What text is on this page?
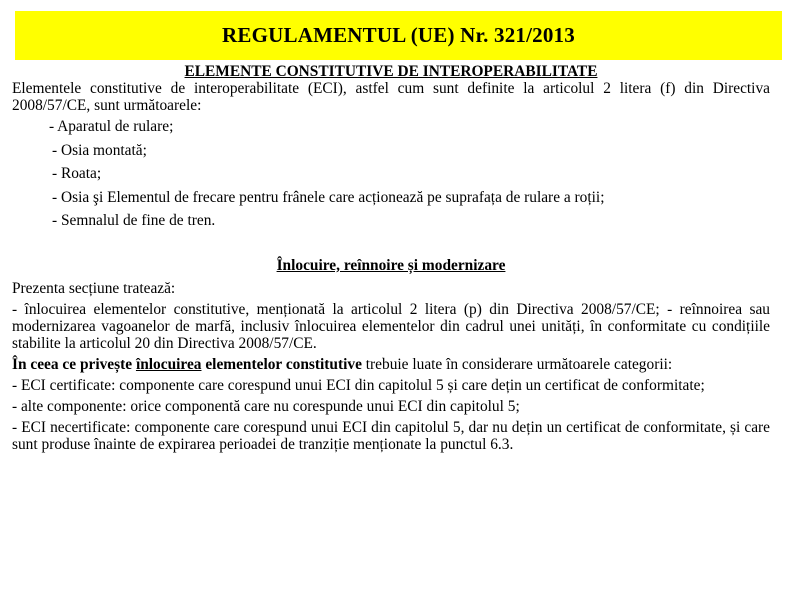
REGULAMENTUL (UE) Nr. 321/2013

ELEMENTE CONSTITUTIVE DE INTEROPERABILITATE

Elementele constitutive de interoperabilitate (ECI), astfel cum sunt definite la articolul 2 litera (f) din Directiva 2008/57/CE, sunt următoarele:

- Aparatul de rulare;
- Osia montată;
- Roata;
- Osia şi Elementul de frecare pentru frânele care acționează pe suprafața de rulare a roții;
- Semnalul de fine de tren.

Înlocuire, reînnoire și modernizare

Prezenta secțiune tratează:

- înlocuirea elementelor constitutive, menționată la articolul 2 litera (p) din Directiva 2008/57/CE; - reînnoirea sau modernizarea vagoanelor de marfă, inclusiv înlocuirea elementelor din cadrul unei unități, în conformitate cu condițiile stabilite la articolul 20 din Directiva 2008/57/CE.

În ceea ce privește înlocuirea elementelor constitutive trebuie luate în considerare următoarele categorii:

- ECI certificate: componente care corespund unui ECI din capitolul 5 și care dețin un certificat de conformitate;

- alte componente: orice componentă care nu corespunde unui ECI din capitolul 5;

- ECI necertificate: componente care corespund unui ECI din capitolul 5, dar nu dețin un certificat de conformitate, și care sunt produse înainte de expirarea perioadei de tranziție menționate la punctul 6.3.
